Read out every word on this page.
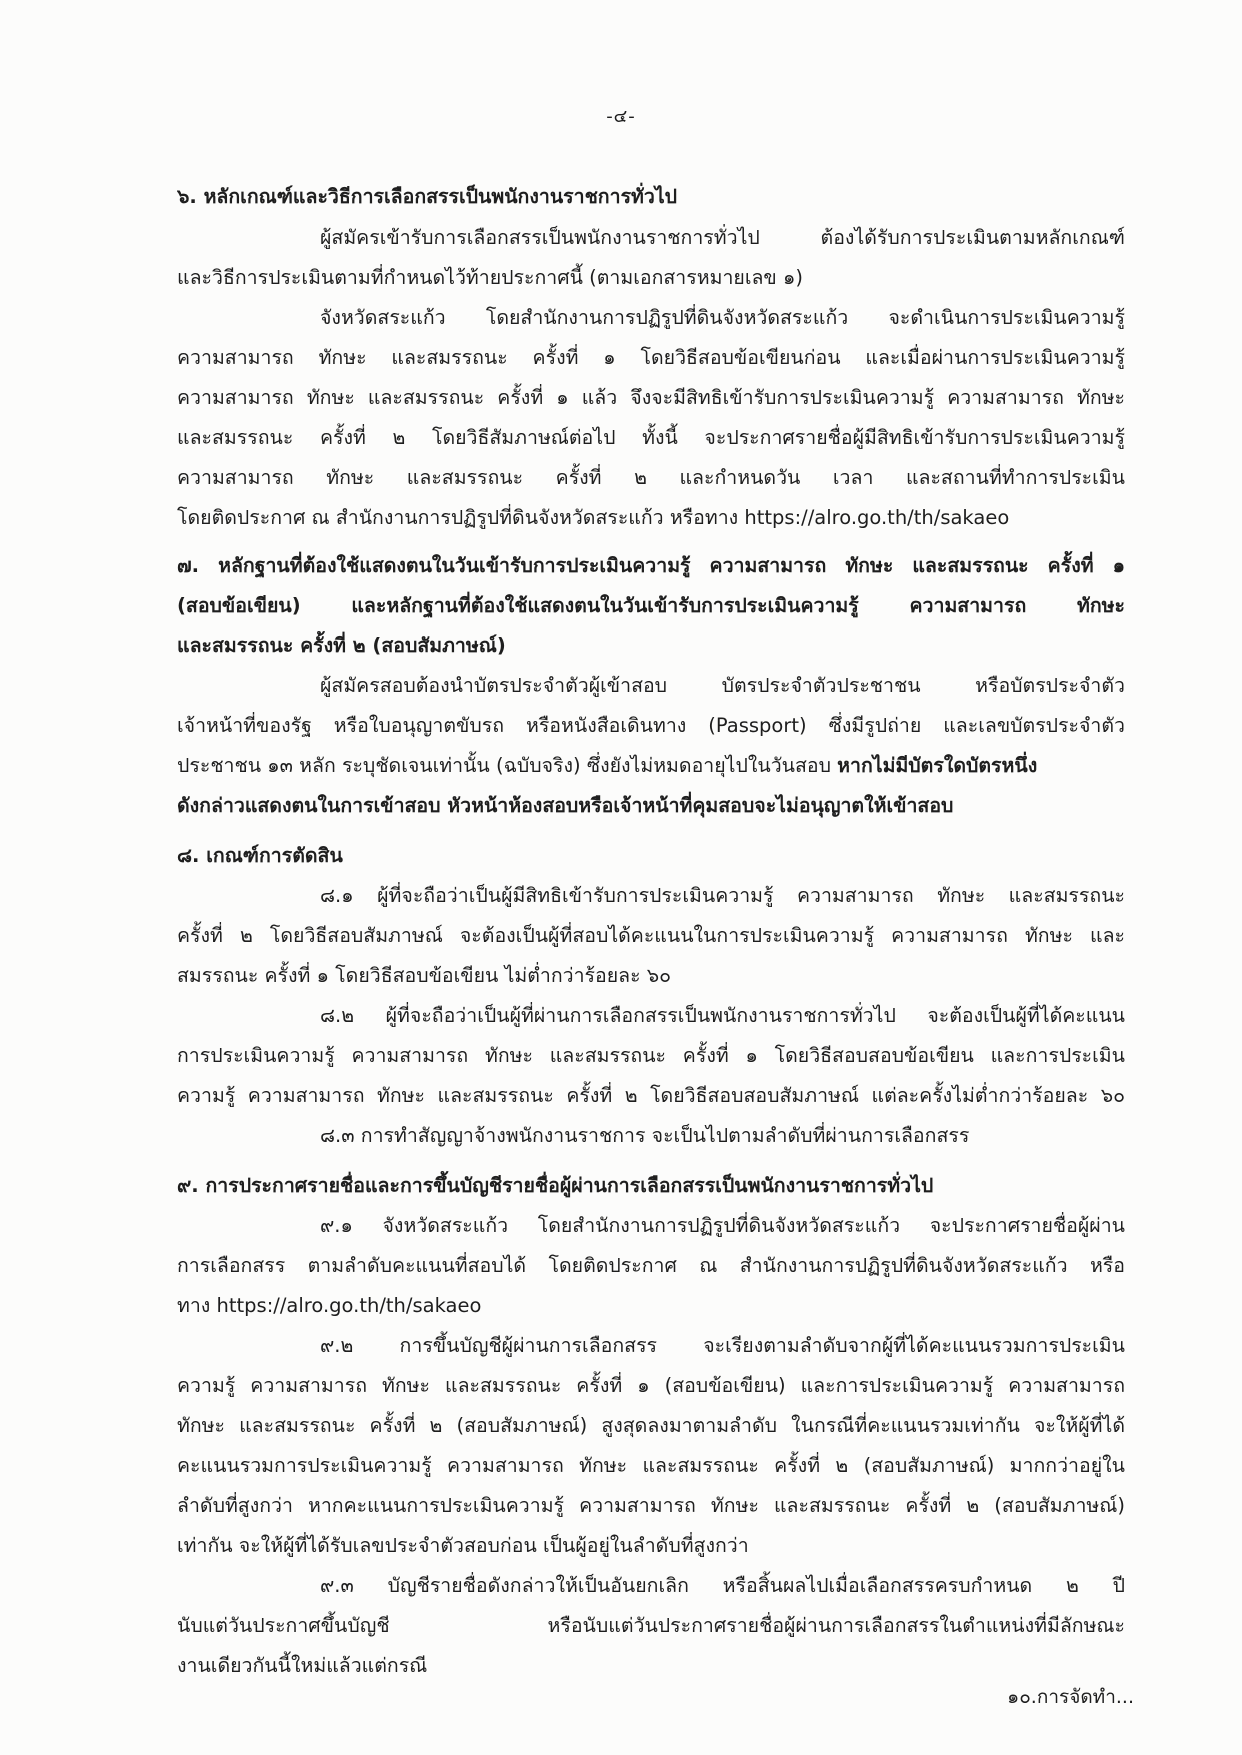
-๔-
๖. หลักเกณฑ์และวิธีการเลือกสรรเป็นพนักงานราชการทั่วไป
ผู้สมัครเข้ารับการเลือกสรรเป็นพนักงานราชการทั่วไป ต้องได้รับการประเมินตามหลักเกณฑ์
และวิธีการประเมินตามที่กำหนดไว้ท้ายประกาศนี้ (ตามเอกสารหมายเลข ๑)
จังหวัดสระแก้ว โดยสำนักงานการปฏิรูปที่ดินจังหวัดสระแก้ว จะดำเนินการประเมินความรู้
ความสามารถ ทักษะ และสมรรถนะ ครั้งที่ ๑ โดยวิธีสอบข้อเขียนก่อน และเมื่อผ่านการประเมินความรู้
ความสามารถ ทักษะ และสมรรถนะ ครั้งที่ ๑ แล้ว จึงจะมีสิทธิเข้ารับการประเมินความรู้ ความสามารถ ทักษะ
และสมรรถนะ ครั้งที่ ๒ โดยวิธีสัมภาษณ์ต่อไป ทั้งนี้ จะประกาศรายชื่อผู้มีสิทธิเข้ารับการประเมินความรู้
ความสามารถ ทักษะ และสมรรถนะ ครั้งที่ ๒ และกำหนดวัน เวลา และสถานที่ทำการประเมิน
โดยติดประกาศ ณ สำนักงานการปฏิรูปที่ดินจังหวัดสระแก้ว หรือทาง https://alro.go.th/th/sakaeo
๗. หลักฐานที่ต้องใช้แสดงตนในวันเข้ารับการประเมินความรู้ ความสามารถ ทักษะ และสมรรถนะ ครั้งที่ ๑
(สอบข้อเขียน) และหลักฐานที่ต้องใช้แสดงตนในวันเข้ารับการประเมินความรู้ ความสามารถ ทักษะ
และสมรรถนะ ครั้งที่ ๒ (สอบสัมภาษณ์)
ผู้สมัครสอบต้องนำบัตรประจำตัวผู้เข้าสอบ บัตรประจำตัวประชาชน หรือบัตรประจำตัว
เจ้าหน้าที่ของรัฐ หรือใบอนุญาตขับรถ หรือหนังสือเดินทาง (Passport) ซึ่งมีรูปถ่าย และเลขบัตรประจำตัว
ประชาชน ๑๓ หลัก ระบุชัดเจนเท่านั้น (ฉบับจริง) ซึ่งยังไม่หมดอายุไปในวันสอบ หากไม่มีบัตรใดบัตรหนึ่ง
ดังกล่าวแสดงตนในการเข้าสอบ หัวหน้าห้องสอบหรือเจ้าหน้าที่คุมสอบจะไม่อนุญาตให้เข้าสอบ
๘. เกณฑ์การตัดสิน
๘.๑ ผู้ที่จะถือว่าเป็นผู้มีสิทธิเข้ารับการประเมินความรู้ ความสามารถ ทักษะ และสมรรถนะ
ครั้งที่ ๒ โดยวิธีสอบสัมภาษณ์ จะต้องเป็นผู้ที่สอบได้คะแนนในการประเมินความรู้ ความสามารถ ทักษะ และ
สมรรถนะ ครั้งที่ ๑ โดยวิธีสอบข้อเขียน ไม่ต่ำกว่าร้อยละ ๖๐
๘.๒ ผู้ที่จะถือว่าเป็นผู้ที่ผ่านการเลือกสรรเป็นพนักงานราชการทั่วไป จะต้องเป็นผู้ที่ได้คะแนน
การประเมินความรู้ ความสามารถ ทักษะ และสมรรถนะ ครั้งที่ ๑ โดยวิธีสอบสอบข้อเขียน และการประเมิน
ความรู้ ความสามารถ ทักษะ และสมรรถนะ ครั้งที่ ๒ โดยวิธีสอบสอบสัมภาษณ์ แต่ละครั้งไม่ต่ำกว่าร้อยละ ๖๐
๘.๓ การทำสัญญาจ้างพนักงานราชการ จะเป็นไปตามลำดับที่ผ่านการเลือกสรร
๙. การประกาศรายชื่อและการขึ้นบัญชีรายชื่อผู้ผ่านการเลือกสรรเป็นพนักงานราชการทั่วไป
๙.๑ จังหวัดสระแก้ว โดยสำนักงานการปฏิรูปที่ดินจังหวัดสระแก้ว จะประกาศรายชื่อผู้ผ่าน
การเลือกสรร ตามลำดับคะแนนที่สอบได้ โดยติดประกาศ ณ สำนักงานการปฏิรูปที่ดินจังหวัดสระแก้ว หรือ
ทาง https://alro.go.th/th/sakaeo
๙.๒ การขึ้นบัญชีผู้ผ่านการเลือกสรร จะเรียงตามลำดับจากผู้ที่ได้คะแนนรวมการประเมิน
ความรู้ ความสามารถ ทักษะ และสมรรถนะ ครั้งที่ ๑ (สอบข้อเขียน) และการประเมินความรู้ ความสามารถ
ทักษะ และสมรรถนะ ครั้งที่ ๒ (สอบสัมภาษณ์) สูงสุดลงมาตามลำดับ ในกรณีที่คะแนนรวมเท่ากัน จะให้ผู้ที่ได้
คะแนนรวมการประเมินความรู้ ความสามารถ ทักษะ และสมรรถนะ ครั้งที่ ๒ (สอบสัมภาษณ์) มากกว่าอยู่ใน
ลำดับที่สูงกว่า หากคะแนนการประเมินความรู้ ความสามารถ ทักษะ และสมรรถนะ ครั้งที่ ๒ (สอบสัมภาษณ์)
เท่ากัน จะให้ผู้ที่ได้รับเลขประจำตัวสอบก่อน เป็นผู้อยู่ในลำดับที่สูงกว่า
๙.๓ บัญชีรายชื่อดังกล่าวให้เป็นอันยกเลิก หรือสิ้นผลไปเมื่อเลือกสรรครบกำหนด ๒ ปี
นับแต่วันประกาศขึ้นบัญชี หรือนับแต่วันประกาศรายชื่อผู้ผ่านการเลือกสรรในตำแหน่งที่มีลักษณะ
งานเดียวกันนี้ใหม่แล้วแต่กรณี
๑๐.การจัดทำ...
